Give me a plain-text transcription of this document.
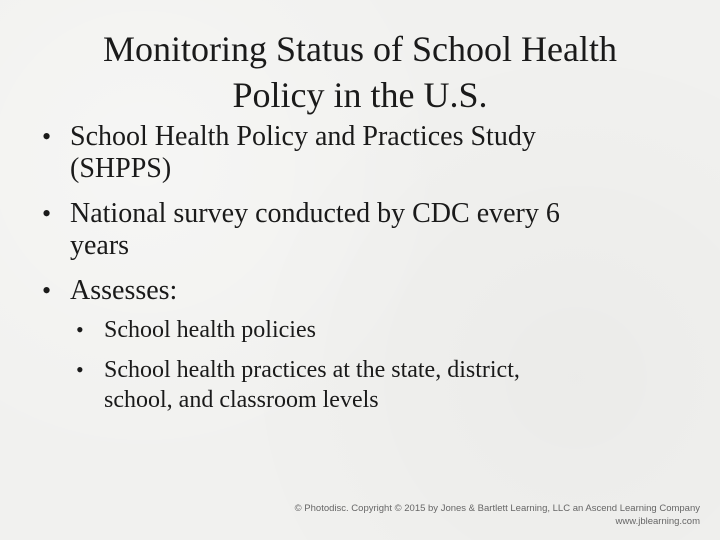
Monitoring Status of School Health
Policy in the U.S.
• School Health Policy and Practices Study
(SHPPS)
• National survey conducted by CDC every 6
years
• Assesses:
• School health policies
• School health practices at the state, district,
school, and classroom levels
© Photodisc. Copyright © 2015 by Jones & Bartlett Learning, LLC an Ascend Learning Company
www.jblearning.com
